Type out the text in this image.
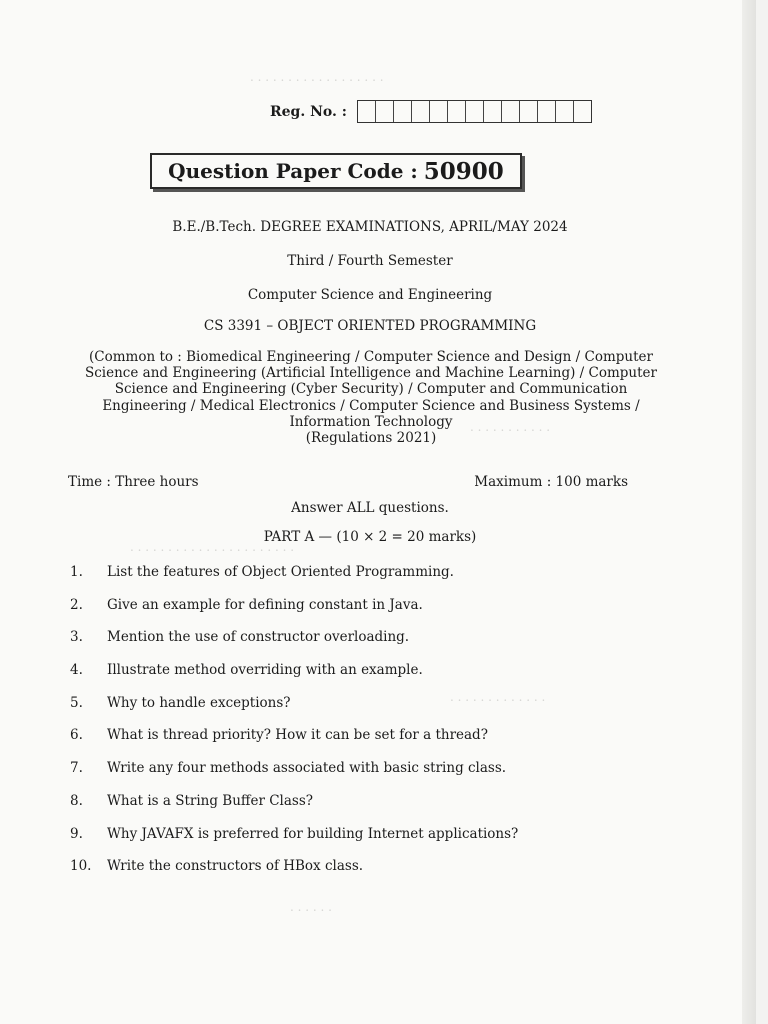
. . . . . . . . . . . . . . . . . .
. . . . . . . . . . .
. . . . . . . . . . . . . . . . . . . . . .
. . . . . . . . . . . . .
. . . . . .
Reg. No. :
Question Paper Code : 50900
B.E./B.Tech. DEGREE EXAMINATIONS, APRIL/MAY 2024
Third / Fourth Semester
Computer Science and Engineering
CS 3391 – OBJECT ORIENTED PROGRAMMING
(Common to : Biomedical Engineering / Computer Science and Design / Computer
Science and Engineering (Artificial Intelligence and Machine Learning) / Computer
Science and Engineering (Cyber Security) / Computer and Communication
Engineering / Medical Electronics / Computer Science and Business Systems /
Information Technology
(Regulations 2021)
Time : Three hours	Maximum : 100 marks
Answer ALL questions.
PART A — (10 × 2 = 20 marks)
1.	List the features of Object Oriented Programming.
2.	Give an example for defining constant in Java.
3.	Mention the use of constructor overloading.
4.	Illustrate method overriding with an example.
5.	Why to handle exceptions?
6.	What is thread priority? How it can be set for a thread?
7.	Write any four methods associated with basic string class.
8.	What is a String Buffer Class?
9.	Why JAVAFX is preferred for building Internet applications?
10.	Write the constructors of HBox class.
